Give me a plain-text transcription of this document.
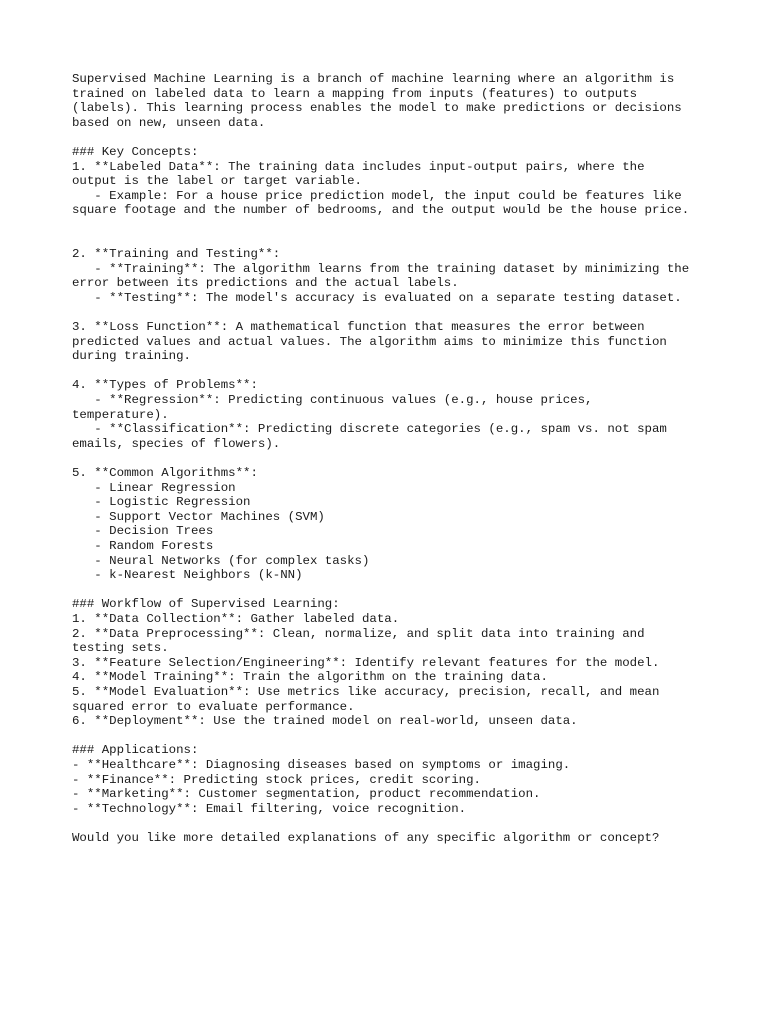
Supervised Machine Learning is a branch of machine learning where an algorithm is
trained on labeled data to learn a mapping from inputs (features) to outputs
(labels). This learning process enables the model to make predictions or decisions
based on new, unseen data.
### Key Concepts:
1. **Labeled Data**: The training data includes input-output pairs, where the
output is the label or target variable.
- Example: For a house price prediction model, the input could be features like
square footage and the number of bedrooms, and the output would be the house price.
2. **Training and Testing**:
- **Training**: The algorithm learns from the training dataset by minimizing the
error between its predictions and the actual labels.
- **Testing**: The model's accuracy is evaluated on a separate testing dataset.
3. **Loss Function**: A mathematical function that measures the error between
predicted values and actual values. The algorithm aims to minimize this function
during training.
4. **Types of Problems**:
- **Regression**: Predicting continuous values (e.g., house prices,
temperature).
- **Classification**: Predicting discrete categories (e.g., spam vs. not spam
emails, species of flowers).
5. **Common Algorithms**:
- Linear Regression
- Logistic Regression
- Support Vector Machines (SVM)
- Decision Trees
- Random Forests
- Neural Networks (for complex tasks)
- k-Nearest Neighbors (k-NN)
### Workflow of Supervised Learning:
1. **Data Collection**: Gather labeled data.
2. **Data Preprocessing**: Clean, normalize, and split data into training and
testing sets.
3. **Feature Selection/Engineering**: Identify relevant features for the model.
4. **Model Training**: Train the algorithm on the training data.
5. **Model Evaluation**: Use metrics like accuracy, precision, recall, and mean
squared error to evaluate performance.
6. **Deployment**: Use the trained model on real-world, unseen data.
### Applications:
- **Healthcare**: Diagnosing diseases based on symptoms or imaging.
- **Finance**: Predicting stock prices, credit scoring.
- **Marketing**: Customer segmentation, product recommendation.
- **Technology**: Email filtering, voice recognition.
Would you like more detailed explanations of any specific algorithm or concept?
